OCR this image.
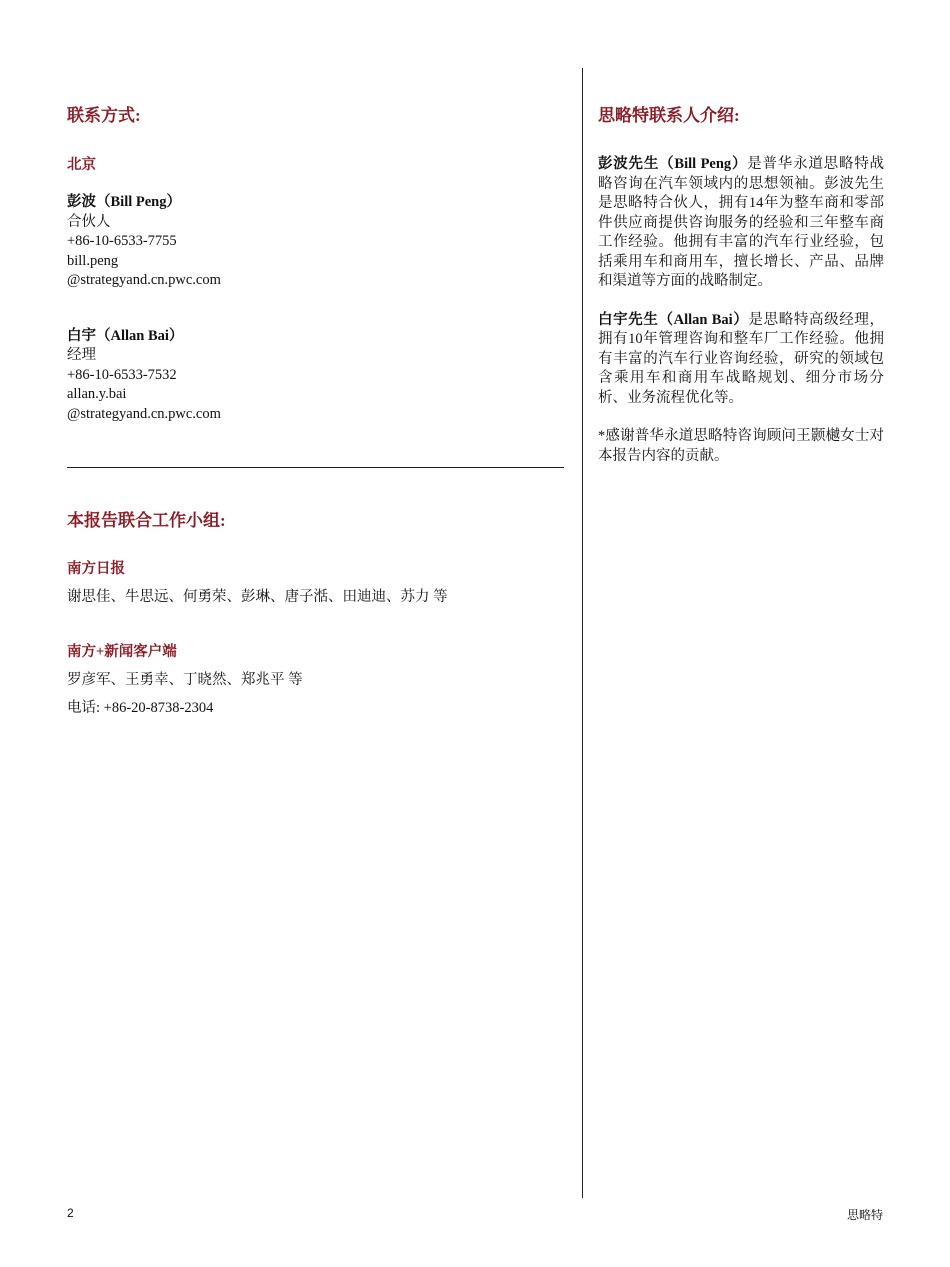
联系方式:
北京
彭波（Bill Peng）
合伙人
+86-10-6533-7755
bill.peng
@strategyand.cn.pwc.com
白宇（Allan Bai）
经理
+86-10-6533-7532
allan.y.bai
@strategyand.cn.pwc.com
本报告联合工作小组:
南方日报
谢思佳、牛思远、何勇荣、彭琳、唐子湉、田迪迪、苏力 等
南方+新闻客户端
罗彦军、王勇幸、丁晓然、郑兆平 等
电话: +86-20-8738-2304
思略特联系人介绍:

彭波先生（Bill Peng）是普华永道思略特战略咨询在汽车领域内的思想领袖。彭波先生是思略特合伙人，拥有14年为整车商和零部件供应商提供咨询服务的经验和三年整车商工作经验。他拥有丰富的汽车行业经验，包括乘用车和商用车，擅长增长、产品、品牌和渠道等方面的战略制定。

白宇先生（Allan Bai）是思略特高级经理，拥有10年管理咨询和整车厂工作经验。他拥有丰富的汽车行业咨询经验，研究的领域包含乘用车和商用车战略规划、细分市场分析、业务流程优化等。

*感谢普华永道思略特咨询顾问王颢樾女士对本报告内容的贡献。

2	思略特
